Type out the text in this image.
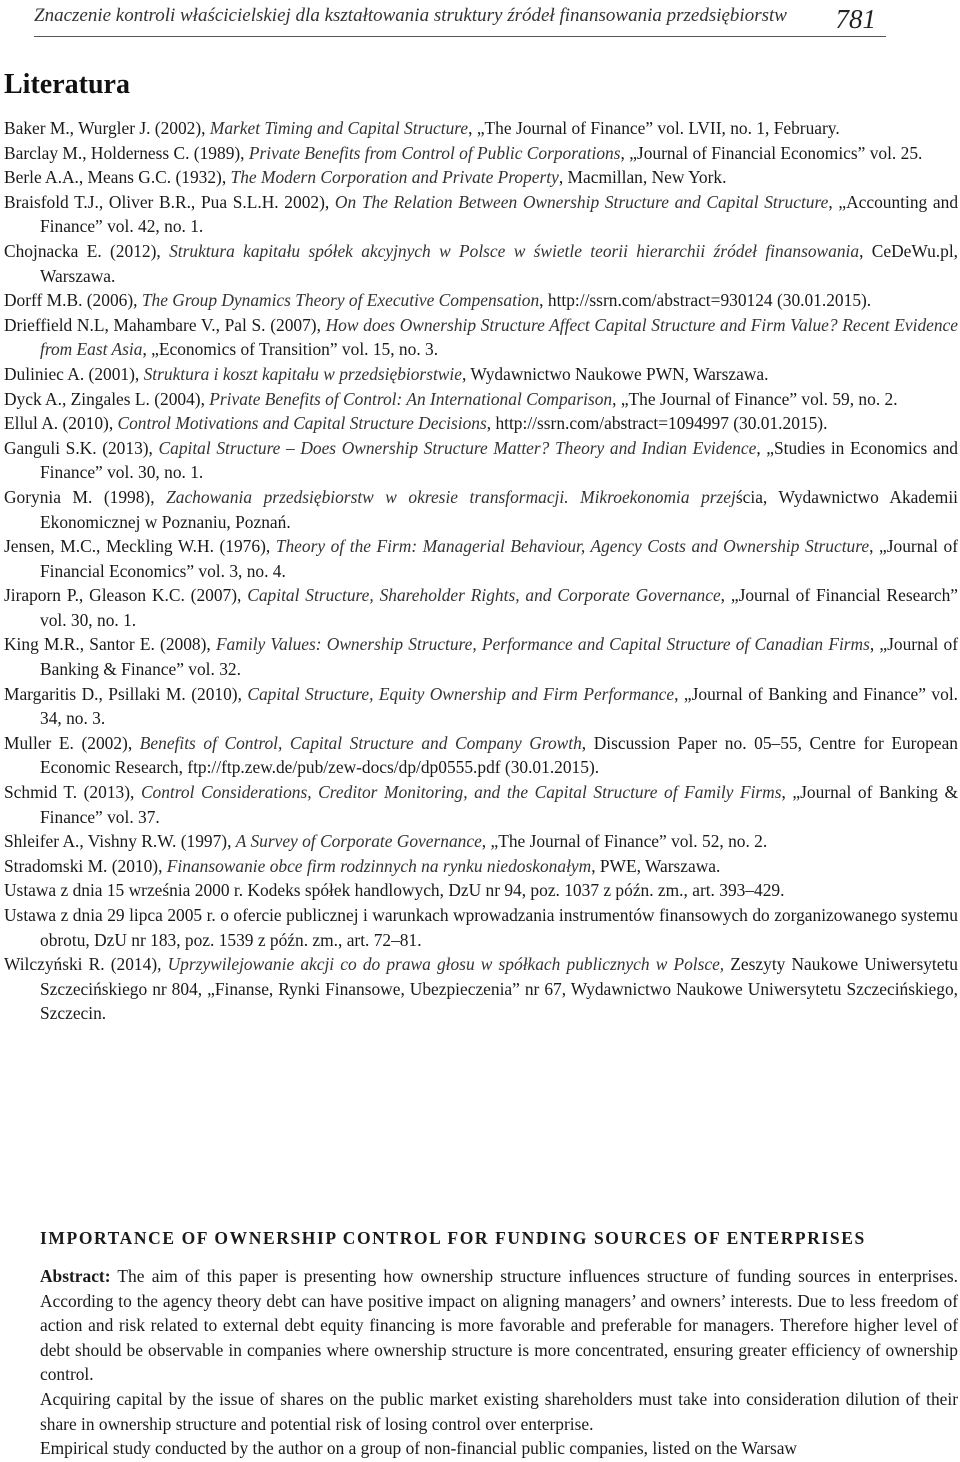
Znaczenie kontroli właścicielskiej dla kształtowania struktury źródeł finansowania przedsiębiorstw 781
Literatura

Baker M., Wurgler J. (2002), Market Timing and Capital Structure, „The Journal of Finance” vol. LVII, no. 1, February.

Barclay M., Holderness C. (1989), Private Benefits from Control of Public Corporations, „Journal of Financial Economics” vol. 25.

Berle A.A., Means G.C. (1932), The Modern Corporation and Private Property, Macmillan, New York.

Braisfold T.J., Oliver B.R., Pua S.L.H. 2002), On The Relation Between Ownership Structure and Capital Structure, „Accounting and Finance” vol. 42, no. 1.

Chojnacka E. (2012), Struktura kapitału spółek akcyjnych w Polsce w świetle teorii hierarchii źródeł finansowania, CeDeWu.pl, Warszawa.

Dorff M.B. (2006), The Group Dynamics Theory of Executive Compensation, http://ssrn.com/abstract=930124 (30.01.2015).

Drieffield N.L, Mahambare V., Pal S. (2007), How does Ownership Structure Affect Capital Structure and Firm Value? Recent Evidence from East Asia, „Economics of Transition” vol. 15, no. 3.

Duliniec A. (2001), Struktura i koszt kapitału w przedsiębiorstwie, Wydawnictwo Naukowe PWN, Warszawa.

Dyck A., Zingales L. (2004), Private Benefits of Control: An International Comparison, „The Journal of Finance” vol. 59, no. 2.

Ellul A. (2010), Control Motivations and Capital Structure Decisions, http://ssrn.com/abstract=1094997 (30.01.2015).

Ganguli S.K. (2013), Capital Structure – Does Ownership Structure Matter? Theory and Indian Evidence, „Studies in Economics and Finance” vol. 30, no. 1.

Gorynia M. (1998), Zachowania przedsiębiorstw w okresie transformacji. Mikroekonomia przejścia, Wydawnictwo Akademii Ekonomicznej w Poznaniu, Poznań.

Jensen, M.C., Meckling W.H. (1976), Theory of the Firm: Managerial Behaviour, Agency Costs and Ownership Structure, „Journal of Financial Economics” vol. 3, no. 4.

Jiraporn P., Gleason K.C. (2007), Capital Structure, Shareholder Rights, and Corporate Governance, „Journal of Financial Research” vol. 30, no. 1.

King M.R., Santor E. (2008), Family Values: Ownership Structure, Performance and Capital Structure of Canadian Firms, „Journal of Banking & Finance” vol. 32.

Margaritis D., Psillaki M. (2010), Capital Structure, Equity Ownership and Firm Performance, „Journal of Banking and Finance” vol. 34, no. 3.

Muller E. (2002), Benefits of Control, Capital Structure and Company Growth, Discussion Paper no. 05–55, Centre for European Economic Research, ftp://ftp.zew.de/pub/zew-docs/dp/dp0555.pdf (30.01.2015).

Schmid T. (2013), Control Considerations, Creditor Monitoring, and the Capital Structure of Family Firms, „Journal of Banking & Finance” vol. 37.

Shleifer A., Vishny R.W. (1997), A Survey of Corporate Governance, „The Journal of Finance” vol. 52, no. 2.

Stradomski M. (2010), Finansowanie obce firm rodzinnych na rynku niedoskonałym, PWE, Warszawa.

Ustawa z dnia 15 września 2000 r. Kodeks spółek handlowych, DzU nr 94, poz. 1037 z późn. zm., art. 393–429.

Ustawa z dnia 29 lipca 2005 r. o ofercie publicznej i warunkach wprowadzania instrumentów finansowych do zorganizowanego systemu obrotu, DzU nr 183, poz. 1539 z późn. zm., art. 72–81.

Wilczyński R. (2014), Uprzywilejowanie akcji co do prawa głosu w spółkach publicznych w Polsce, Zeszyty Naukowe Uniwersytetu Szczecińskiego nr 804, „Finanse, Rynki Finansowe, Ubezpieczenia” nr 67, Wydawnictwo Naukowe Uniwersytetu Szczecińskiego, Szczecin.

IMPORTANCE OF OWNERSHIP CONTROL FOR FUNDING SOURCES OF ENTERPRISES

Abstract: The aim of this paper is presenting how ownership structure influences structure of funding sources in enterprises. According to the agency theory debt can have positive impact on aligning managers’ and owners’ interests. Due to less freedom of action and risk related to external debt equity financing is more favorable and preferable for managers. Therefore higher level of debt should be observable in companies where ownership structure is more concentrated, ensuring greater efficiency of ownership control.

Acquiring capital by the issue of shares on the public market existing shareholders must take into consideration dilution of their share in ownership structure and potential risk of losing control over enterprise.

Empirical study conducted by the author on a group of non-financial public companies, listed on the Warsaw
